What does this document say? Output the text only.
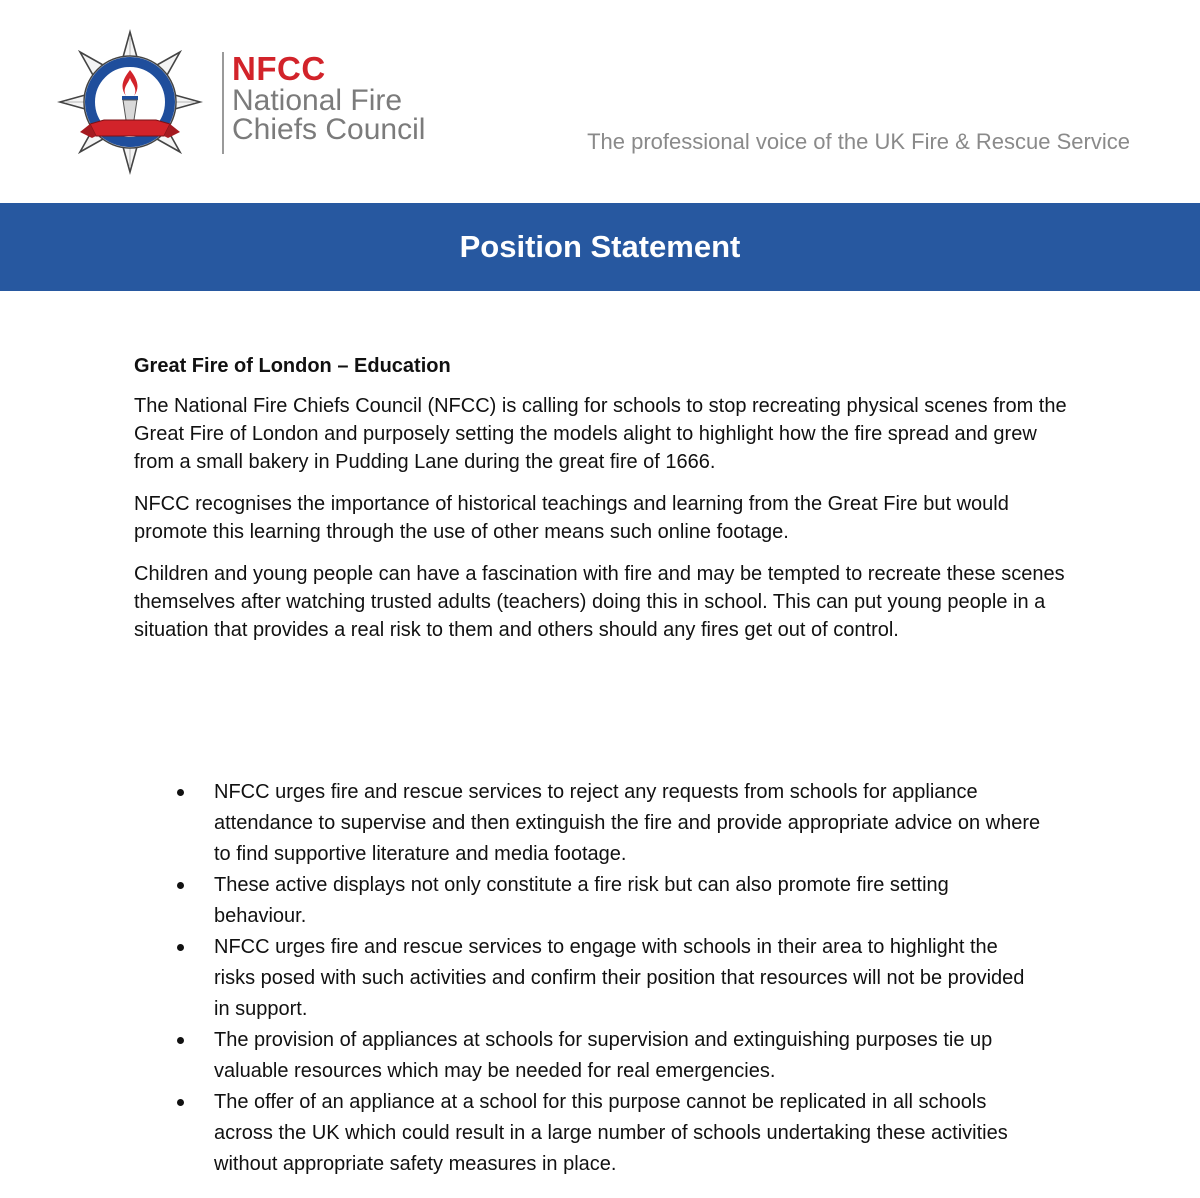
NFCC
National Fire
Chiefs Council	The professional voice of the UK Fire & Rescue Service
Position Statement
Great Fire of London – Education

The National Fire Chiefs Council (NFCC) is calling for schools to stop recreating physical scenes from the Great Fire of London and purposely setting the models alight to highlight how the fire spread and grew from a small bakery in Pudding Lane during the great fire of 1666.

NFCC recognises the importance of historical teachings and learning from the Great Fire but would promote this learning through the use of other means such online footage.

Children and young people can have a fascination with fire and may be tempted to recreate these scenes themselves after watching trusted adults (teachers) doing this in school. This can put young people in a situation that provides a real risk to them and others should any fires get out of control.

NFCC urges fire and rescue services to reject any requests from schools for appliance attendance to supervise and then extinguish the fire and provide appropriate advice on where to find supportive literature and media footage.
These active displays not only constitute a fire risk but can also promote fire setting behaviour.
NFCC urges fire and rescue services to engage with schools in their area to highlight the risks posed with such activities and confirm their position that resources will not be provided in support.
The provision of appliances at schools for supervision and extinguishing purposes tie up valuable resources which may be needed for real emergencies.
The offer of an appliance at a school for this purpose cannot be replicated in all schools across the UK which could result in a large number of schools undertaking these activities without appropriate safety measures in place.
